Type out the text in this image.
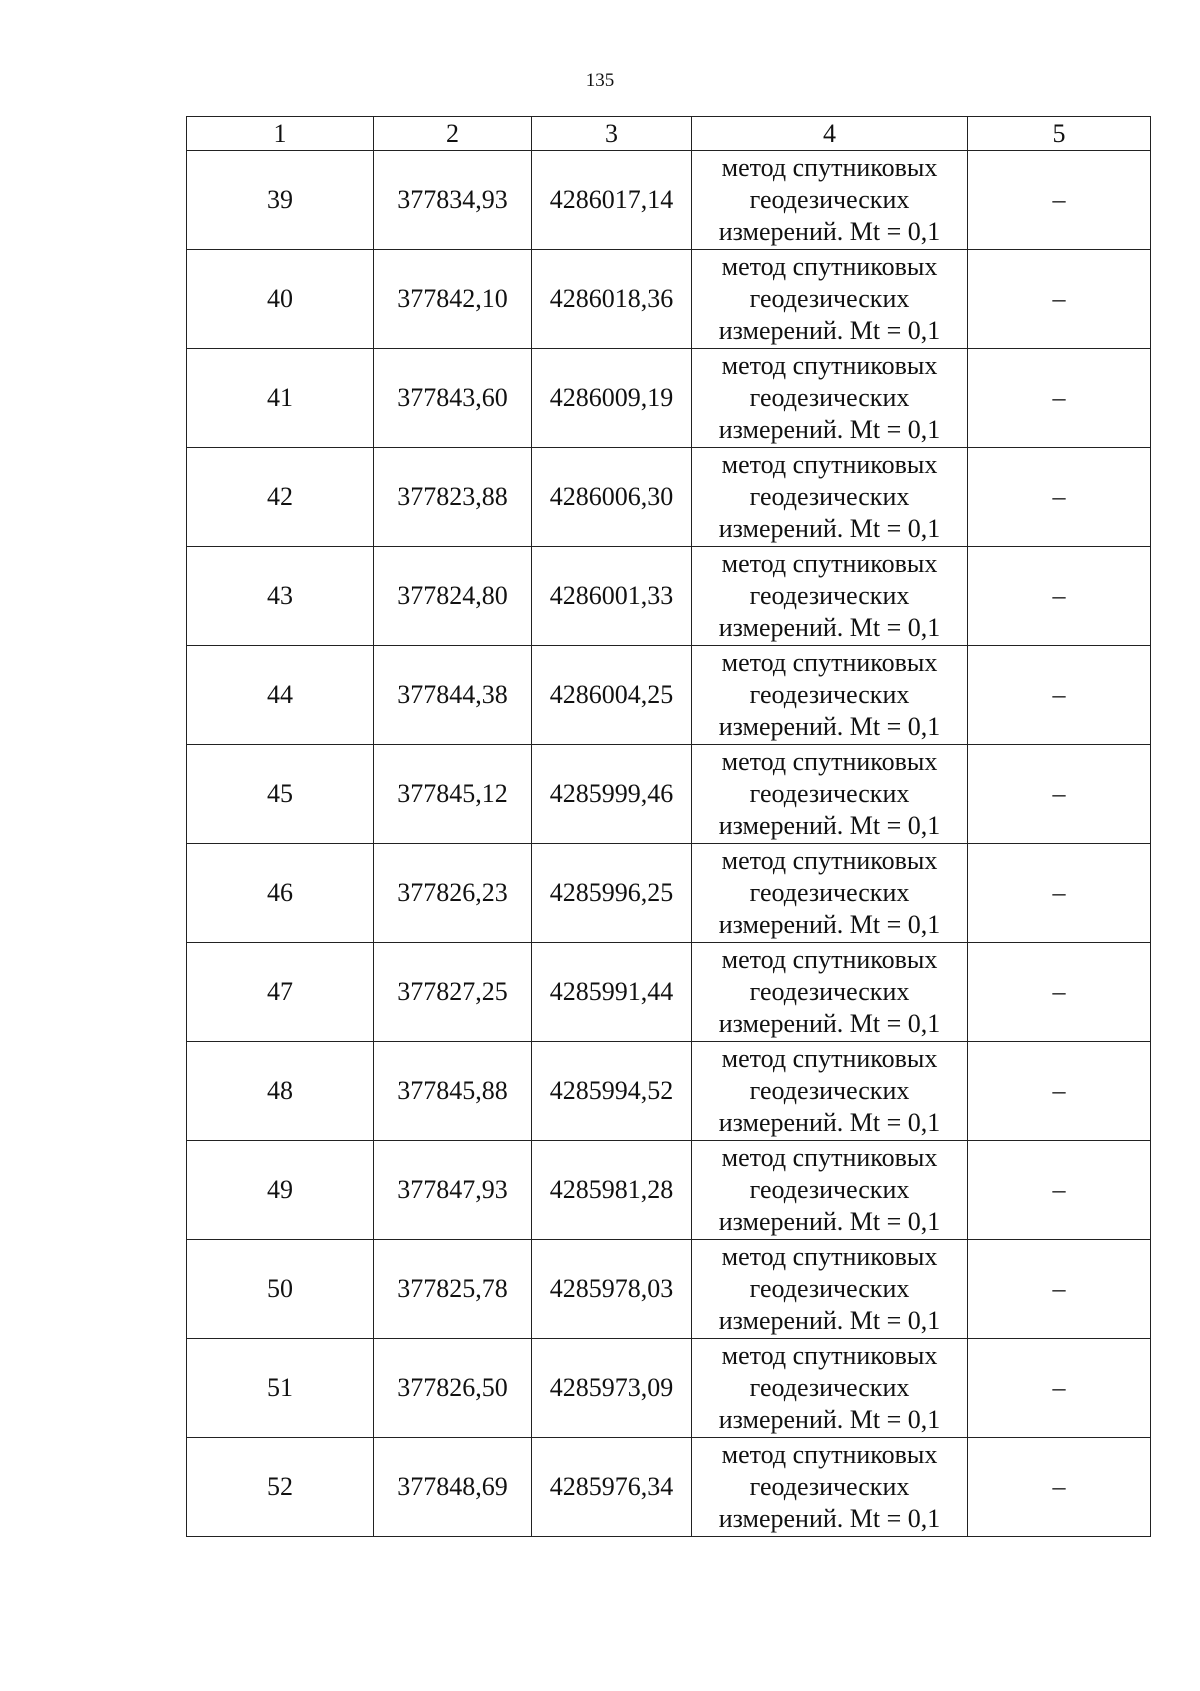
135
1	2	3	4	5
39	377834,93	4286017,14	метод спутниковых
геодезических
измерений. Mt = 0,1	–
40	377842,10	4286018,36	метод спутниковых
геодезических
измерений. Mt = 0,1	–
41	377843,60	4286009,19	метод спутниковых
геодезических
измерений. Mt = 0,1	–
42	377823,88	4286006,30	метод спутниковых
геодезических
измерений. Mt = 0,1	–
43	377824,80	4286001,33	метод спутниковых
геодезических
измерений. Mt = 0,1	–
44	377844,38	4286004,25	метод спутниковых
геодезических
измерений. Mt = 0,1	–
45	377845,12	4285999,46	метод спутниковых
геодезических
измерений. Mt = 0,1	–
46	377826,23	4285996,25	метод спутниковых
геодезических
измерений. Mt = 0,1	–
47	377827,25	4285991,44	метод спутниковых
геодезических
измерений. Mt = 0,1	–
48	377845,88	4285994,52	метод спутниковых
геодезических
измерений. Mt = 0,1	–
49	377847,93	4285981,28	метод спутниковых
геодезических
измерений. Mt = 0,1	–
50	377825,78	4285978,03	метод спутниковых
геодезических
измерений. Mt = 0,1	–
51	377826,50	4285973,09	метод спутниковых
геодезических
измерений. Mt = 0,1	–
52	377848,69	4285976,34	метод спутниковых
геодезических
измерений. Mt = 0,1	–
